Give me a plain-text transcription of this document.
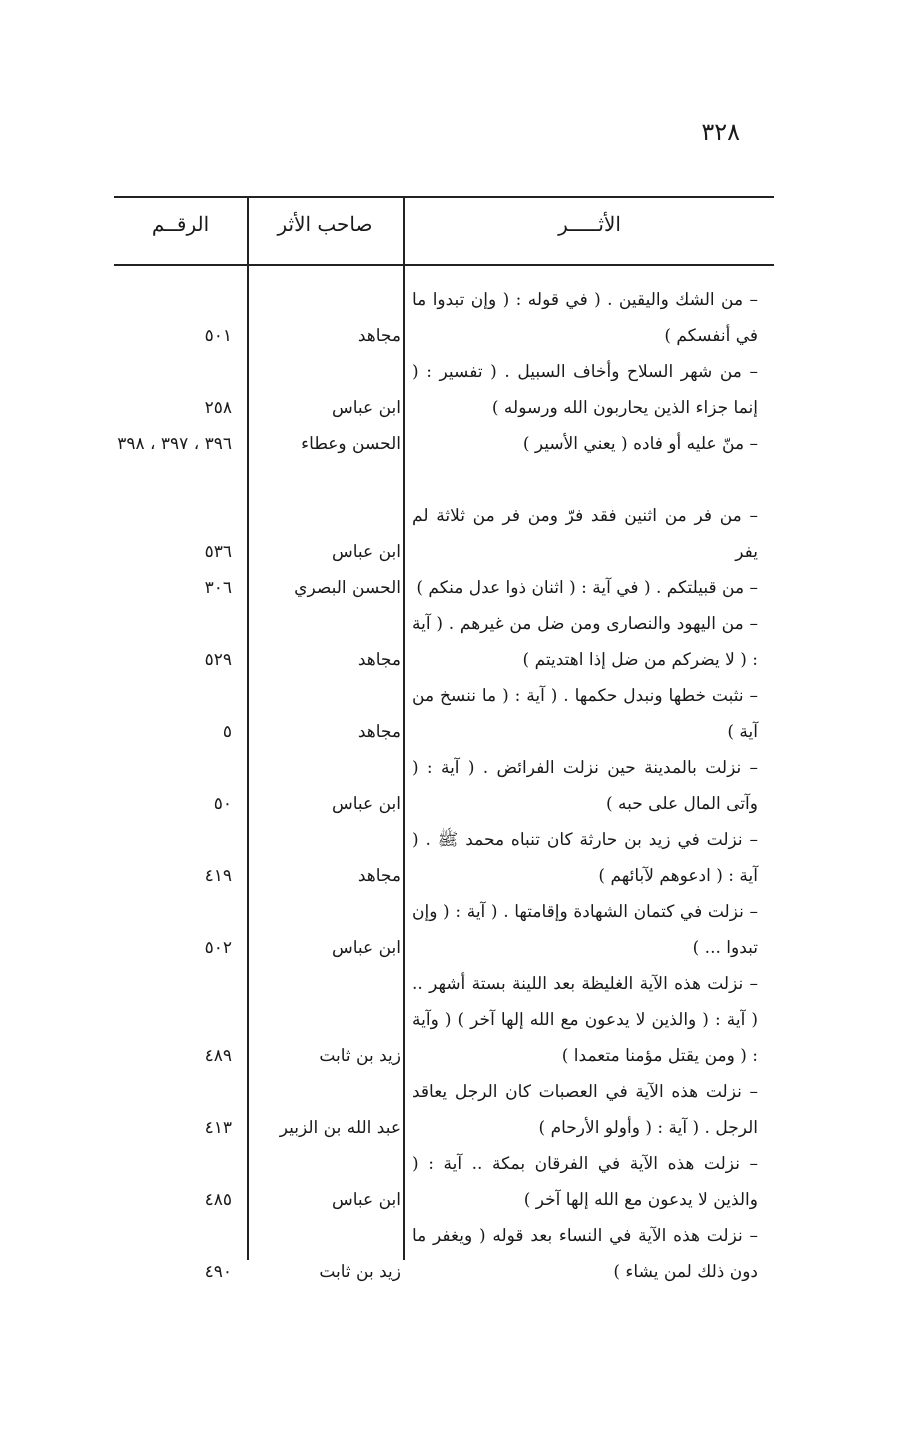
٣٢٨
الرقــم	صاحب الأثر	الأثـــــر
– من الشك واليقين . ( في قوله : ( وإن تبدوا ما في أنفسكم )
مجاهد
٥٠١
– من شهر السلاح وأخاف السبيل . ( تفسير : ( إنما جزاء الذين يحاربون الله ورسوله )
ابن عباس
٢٥٨
– منّ عليه أو فاده ( يعني الأسير )
الحسن وعطاء
٣٩٦ ، ٣٩٧ ، ٣٩٨
– من فر من اثنين فقد فرّ ومن فر من ثلاثة لم يفر
ابن عباس
٥٣٦
– من قبيلتكم . ( في آية : ( اثنان ذوا عدل منكم )
الحسن البصري
٣٠٦
– من اليهود والنصارى ومن ضل من غيرهم . ( آية : ( لا يضركم من ضل إذا اهتديتم )
مجاهد
٥٢٩
– نثبت خطها ونبدل حكمها . ( آية : ( ما ننسخ من آية )
مجاهد
٥
– نزلت بالمدينة حين نزلت الفرائض . ( آية : ( وآتى المال على حبه )
ابن عباس
٥٠
– نزلت في زيد بن حارثة كان تنباه محمد ﷺ . ( آية : ( ادعوهم لآبائهم )
مجاهد
٤١٩
– نزلت في كتمان الشهادة وإقامتها . ( آية : ( وإن تبدوا ... )
ابن عباس
٥٠٢
– نزلت هذه الآية الغليظة بعد اللينة بستة أشهر .. ( آية : ( والذين لا يدعون مع الله إلها آخر ) ( وآية : ( ومن يقتل مؤمنا متعمدا )
زيد بن ثابت
٤٨٩
– نزلت هذه الآية في العصبات كان الرجل يعاقد الرجل . ( آية : ( وأولو الأرحام )
عبد الله بن الزبير
٤١٣
– نزلت هذه الآية في الفرقان بمكة .. آية : ( والذين لا يدعون مع الله إلها آخر )
ابن عباس
٤٨٥
– نزلت هذه الآية في النساء بعد قوله ( ويغفر ما دون ذلك لمن يشاء )
زيد بن ثابت
٤٩٠
